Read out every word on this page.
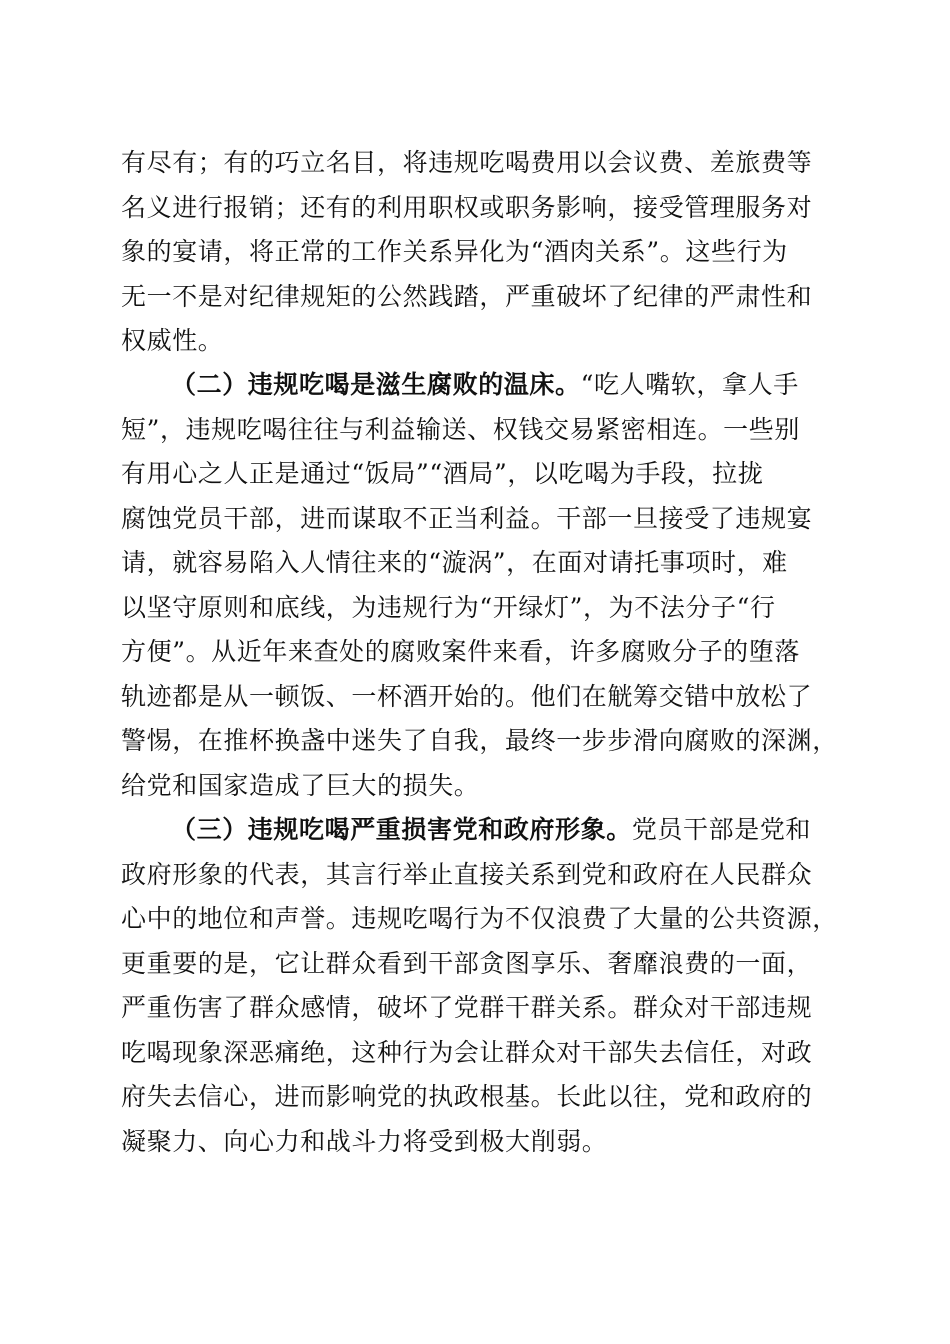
有尽有；有的巧立名目，将违规吃喝费用以会议费、差旅费等
名义进行报销；还有的利用职权或职务影响，接受管理服务对
象的宴请，将正常的工作关系异化为“酒肉关系”。这些行为
无一不是对纪律规矩的公然践踏，严重破坏了纪律的严肃性和
权威性。
（二）违规吃喝是滋生腐败的温床。“吃人嘴软，拿人手
短”，违规吃喝往往与利益输送、权钱交易紧密相连。一些别
有用心之人正是通过“饭局”“酒局”，以吃喝为手段，拉拢
腐蚀党员干部，进而谋取不正当利益。干部一旦接受了违规宴
请，就容易陷入人情往来的“漩涡”，在面对请托事项时，难
以坚守原则和底线，为违规行为“开绿灯”，为不法分子“行
方便”。从近年来查处的腐败案件来看，许多腐败分子的堕落
轨迹都是从一顿饭、一杯酒开始的。他们在觥筹交错中放松了
警惕，在推杯换盏中迷失了自我，最终一步步滑向腐败的深渊，
给党和国家造成了巨大的损失。
（三）违规吃喝严重损害党和政府形象。党员干部是党和
政府形象的代表，其言行举止直接关系到党和政府在人民群众
心中的地位和声誉。违规吃喝行为不仅浪费了大量的公共资源，
更重要的是，它让群众看到干部贪图享乐、奢靡浪费的一面，
严重伤害了群众感情，破坏了党群干群关系。群众对干部违规
吃喝现象深恶痛绝，这种行为会让群众对干部失去信任，对政
府失去信心，进而影响党的执政根基。长此以往，党和政府的
凝聚力、向心力和战斗力将受到极大削弱。
